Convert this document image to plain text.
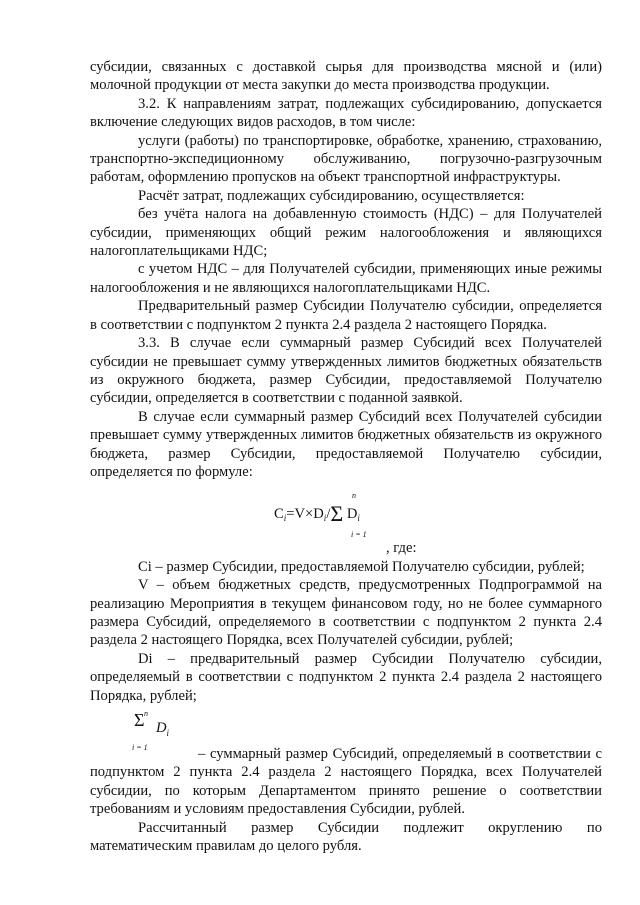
субсидии, связанных с доставкой сырья для производства мясной и (или) молочной продукции от места закупки до места производства продукции.

3.2. К направлениям затрат, подлежащих субсидированию, допускается включение следующих видов расходов, в том числе:

услуги (работы) по транспортировке, обработке, хранению, страхованию, транспортно-экспедиционному обслуживанию, погрузочно-разгрузочным работам, оформлению пропусков на объект транспортной инфраструктуры.

Расчёт затрат, подлежащих субсидированию, осуществляется:

без учёта налога на добавленную стоимость (НДС) – для Получателей субсидии, применяющих общий режим налогообложения и являющихся налогоплательщиками НДС;

с учетом НДС – для Получателей субсидии, применяющих иные режимы налогообложения и не являющихся налогоплательщиками НДС.

Предварительный размер Субсидии Получателю субсидии, определяется в соответствии с подпунктом 2 пункта 2.4 раздела 2 настоящего Порядка.

3.3. В случае если суммарный размер Субсидий всех Получателей субсидии не превышает сумму утвержденных лимитов бюджетных обязательств из окружного бюджета, размер Субсидии, предоставляемой Получателю субсидии, определяется в соответствии с поданной заявкой.

В случае если суммарный размер Субсидий всех Получателей субсидии превышает сумму утвержденных лимитов бюджетных обязательств из окружного бюджета, размер Субсидии, предоставляемой Получателю субсидии, определяется по формуле:

n
$C_i=V\times D_i/\Sigma$ $D_i$
i = 1

, где:

Ci – размер Субсидии, предоставляемой Получателю субсидии, рублей;

V – объем бюджетных средств, предусмотренных Подпрограммой на реализацию Мероприятия в текущем финансовом году, но не более суммарного размера Субсидий, определяемого в соответствии с подпунктом 2 пункта 2.4 раздела 2 настоящего Порядка, всех Получателей субсидии, рублей;

Di – предварительный размер Субсидии Получателю субсидии, определяемый в соответствии с подпунктом 2 пункта 2.4 раздела 2 настоящего Порядка, рублей;

n
Σ $D_i$
i = 1	– суммарный размер Субсидий, определяемый в соответствии с подпунктом 2 пункта 2.4 раздела 2 настоящего Порядка, всех Получателей субсидии, по которым Департаментом принято решение о соответствии требованиям и условиям предоставления Субсидии, рублей.

Рассчитанный размер Субсидии подлежит округлению по математическим правилам до целого рубля.
